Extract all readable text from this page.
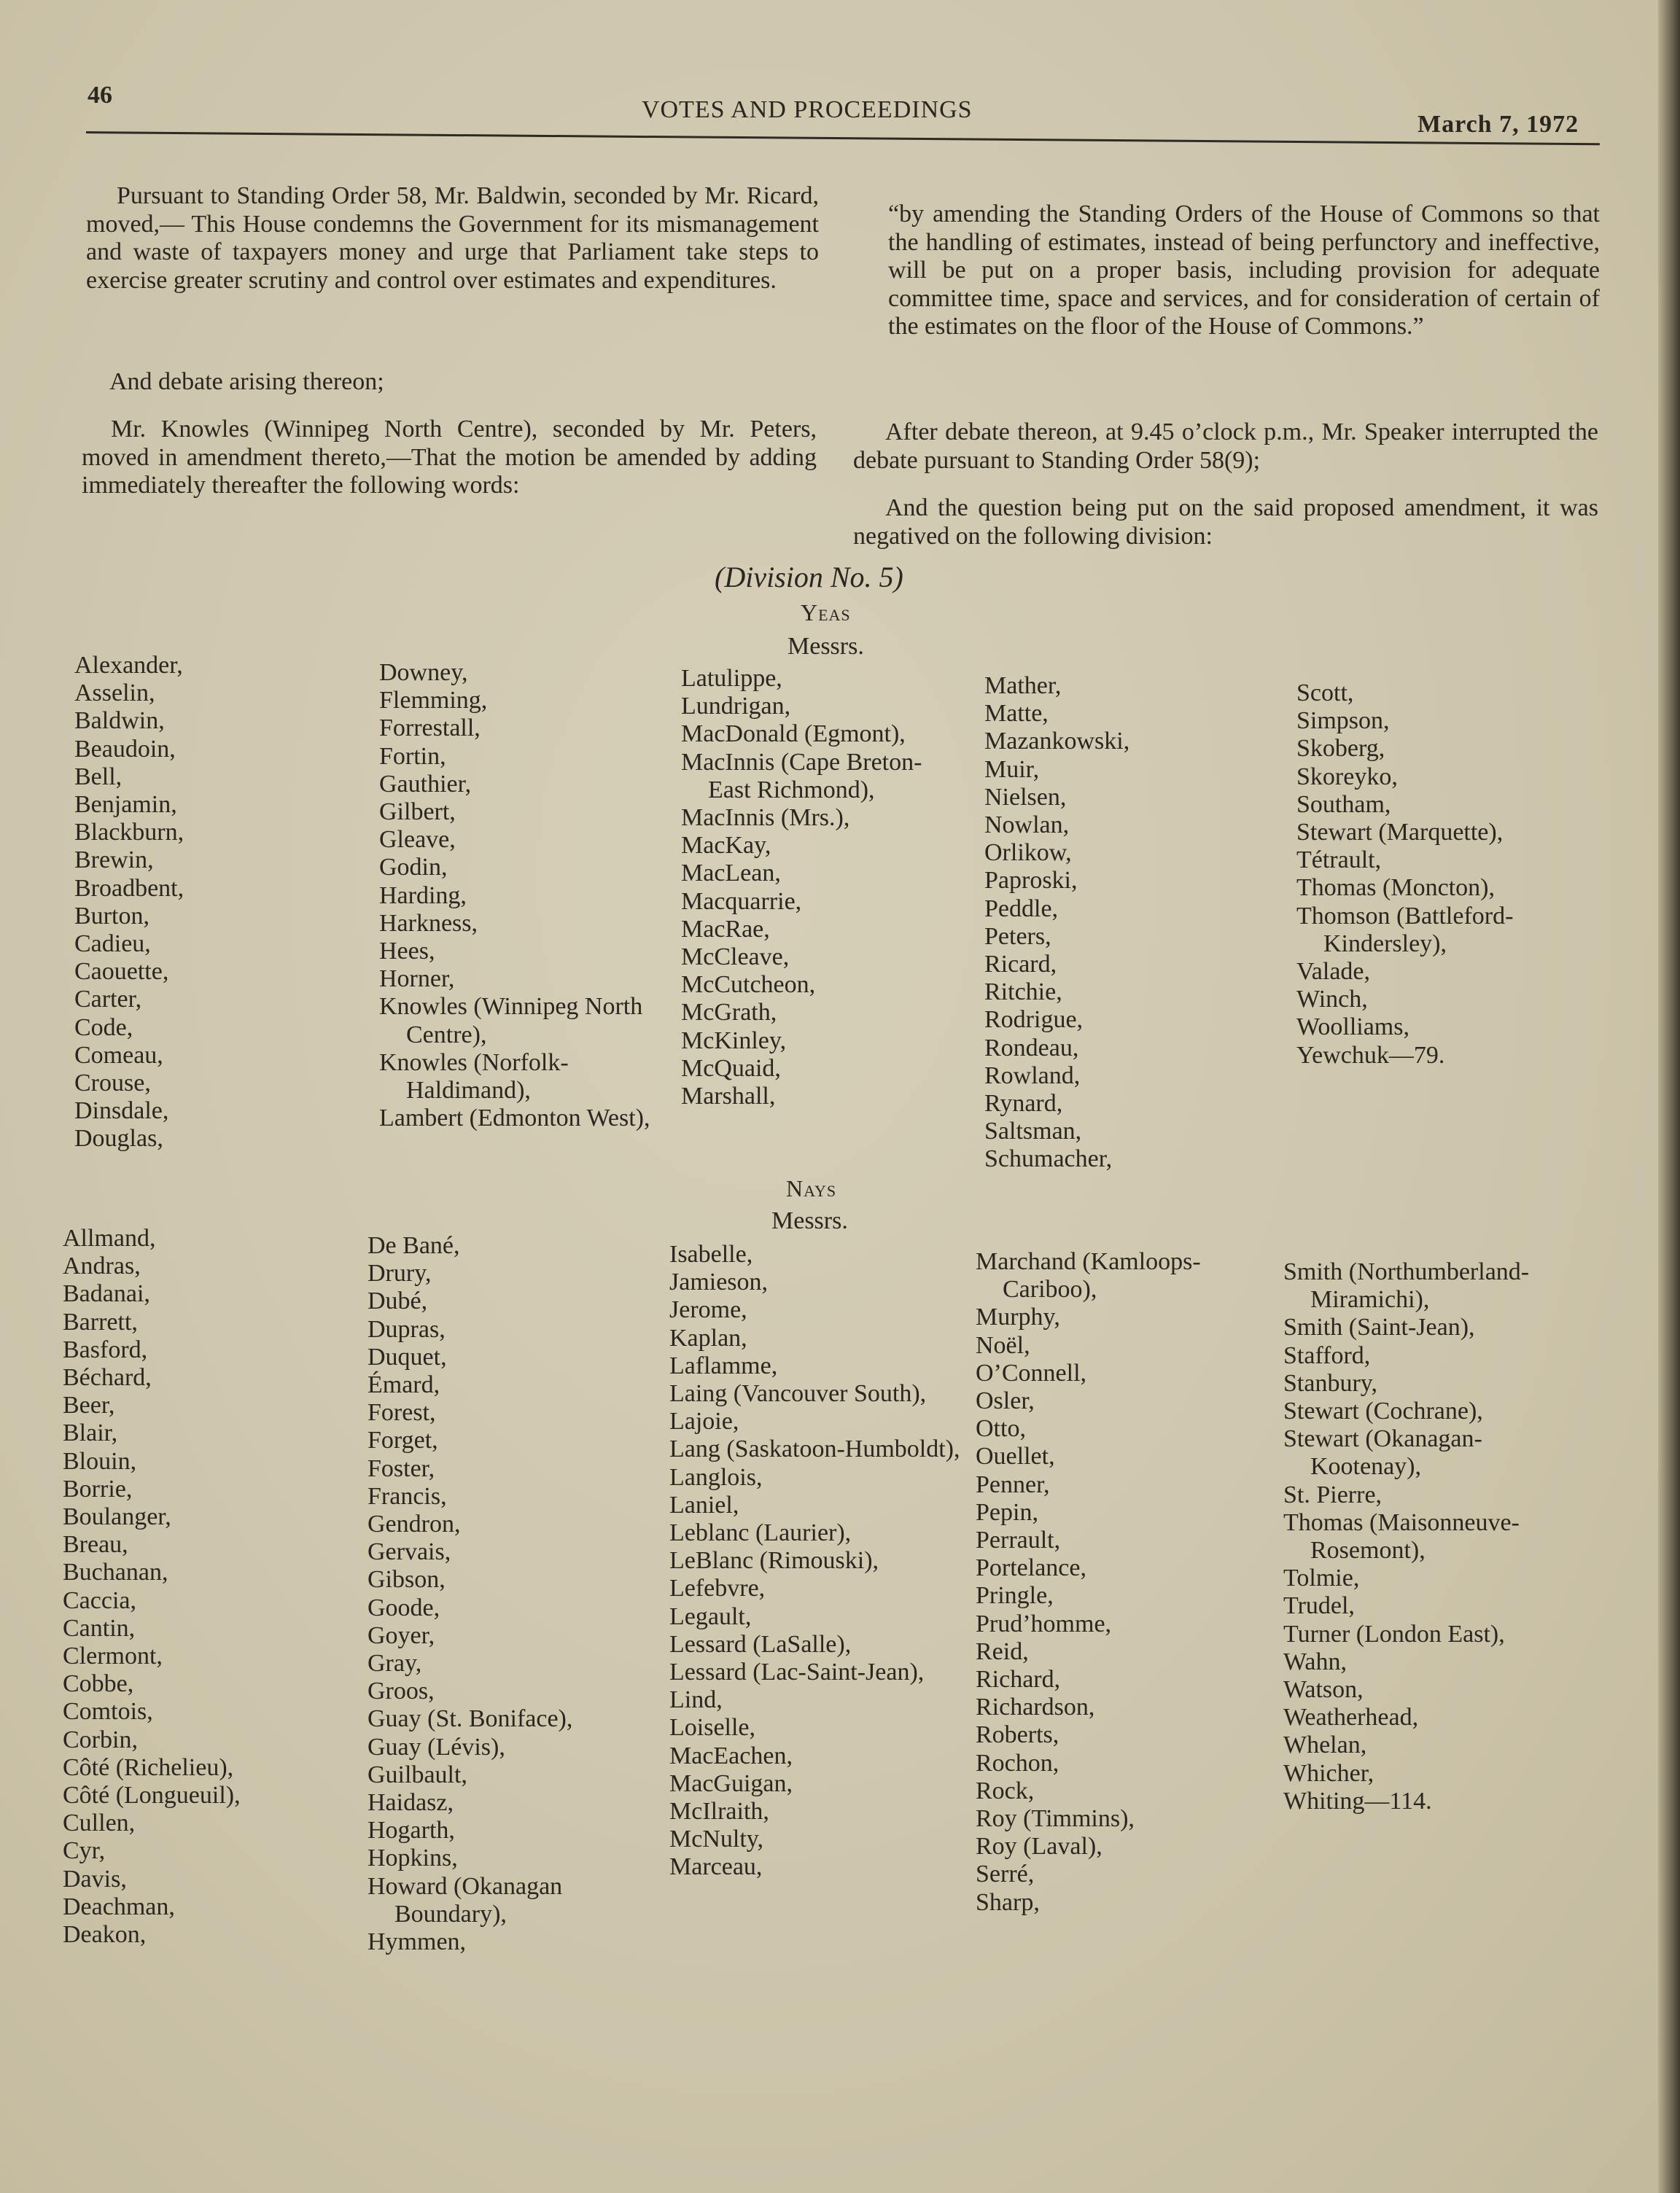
46
VOTES AND PROCEEDINGS
March 7, 1972
Pursuant to Standing Order 58, Mr. Baldwin, seconded by Mr. Ricard, moved,— This House condemns the Government for its mismanagement and waste of taxpayers money and urge that Parliament take steps to exercise greater scrutiny and control over estimates and expenditures.
And debate arising thereon;
Mr. Knowles (Winnipeg North Centre), seconded by Mr. Peters, moved in amendment thereto,—That the motion be amended by adding immediately thereafter the following words:
“by amending the Standing Orders of the House of Commons so that the handling of estimates, instead of being perfunctory and ineffective, will be put on a proper basis, including provision for adequate committee time, space and services, and for consideration of certain of the estimates on the floor of the House of Commons.”
After debate thereon, at 9.45 o’clock p.m., Mr. Speaker interrupted the debate pursuant to Standing Order 58(9);
And the question being put on the said proposed amendment, it was negatived on the following division:
(Division No. 5)
Yeas
Messrs.
Nays
Messrs.
Alexander,
Asselin,
Baldwin,
Beaudoin,
Bell,
Benjamin,
Blackburn,
Brewin,
Broadbent,
Burton,
Cadieu,
Caouette,
Carter,
Code,
Comeau,
Crouse,
Dinsdale,
Douglas,
Downey,
Flemming,
Forrestall,
Fortin,
Gauthier,
Gilbert,
Gleave,
Godin,
Harding,
Harkness,
Hees,
Horner,
Knowles (Winnipeg North Centre),
Knowles (Norfolk-Haldimand),
Lambert (Edmonton West),
Latulippe,
Lundrigan,
MacDonald (Egmont),
MacInnis (Cape Breton-East Richmond),
MacInnis (Mrs.),
MacKay,
MacLean,
Macquarrie,
MacRae,
McCleave,
McCutcheon,
McGrath,
McKinley,
McQuaid,
Marshall,
Mather,
Matte,
Mazankowski,
Muir,
Nielsen,
Nowlan,
Orlikow,
Paproski,
Peddle,
Peters,
Ricard,
Ritchie,
Rodrigue,
Rondeau,
Rowland,
Rynard,
Saltsman,
Schumacher,
Scott,
Simpson,
Skoberg,
Skoreyko,
Southam,
Stewart (Marquette),
Tétrault,
Thomas (Moncton),
Thomson (Battleford-Kindersley),
Valade,
Winch,
Woolliams,
Yewchuk—79.
Allmand,
Andras,
Badanai,
Barrett,
Basford,
Béchard,
Beer,
Blair,
Blouin,
Borrie,
Boulanger,
Breau,
Buchanan,
Caccia,
Cantin,
Clermont,
Cobbe,
Comtois,
Corbin,
Côté (Richelieu),
Côté (Longueuil),
Cullen,
Cyr,
Davis,
Deachman,
Deakon,
De Bané,
Drury,
Dubé,
Dupras,
Duquet,
Émard,
Forest,
Forget,
Foster,
Francis,
Gendron,
Gervais,
Gibson,
Goode,
Goyer,
Gray,
Groos,
Guay (St. Boniface),
Guay (Lévis),
Guilbault,
Haidasz,
Hogarth,
Hopkins,
Howard (Okanagan Boundary),
Hymmen,
Isabelle,
Jamieson,
Jerome,
Kaplan,
Laflamme,
Laing (Vancouver South),
Lajoie,
Lang (Saskatoon-Humboldt),
Langlois,
Laniel,
Leblanc (Laurier),
LeBlanc (Rimouski),
Lefebvre,
Legault,
Lessard (LaSalle),
Lessard (Lac-Saint-Jean),
Lind,
Loiselle,
MacEachen,
MacGuigan,
McIlraith,
McNulty,
Marceau,
Marchand (Kamloops-Cariboo),
Murphy,
Noël,
O’Connell,
Osler,
Otto,
Ouellet,
Penner,
Pepin,
Perrault,
Portelance,
Pringle,
Prud’homme,
Reid,
Richard,
Richardson,
Roberts,
Rochon,
Rock,
Roy (Timmins),
Roy (Laval),
Serré,
Sharp,
Smith (Northumberland-Miramichi),
Smith (Saint-Jean),
Stafford,
Stanbury,
Stewart (Cochrane),
Stewart (Okanagan-Kootenay),
St. Pierre,
Thomas (Maisonneuve-Rosemont),
Tolmie,
Trudel,
Turner (London East),
Wahn,
Watson,
Weatherhead,
Whelan,
Whicher,
Whiting—114.
